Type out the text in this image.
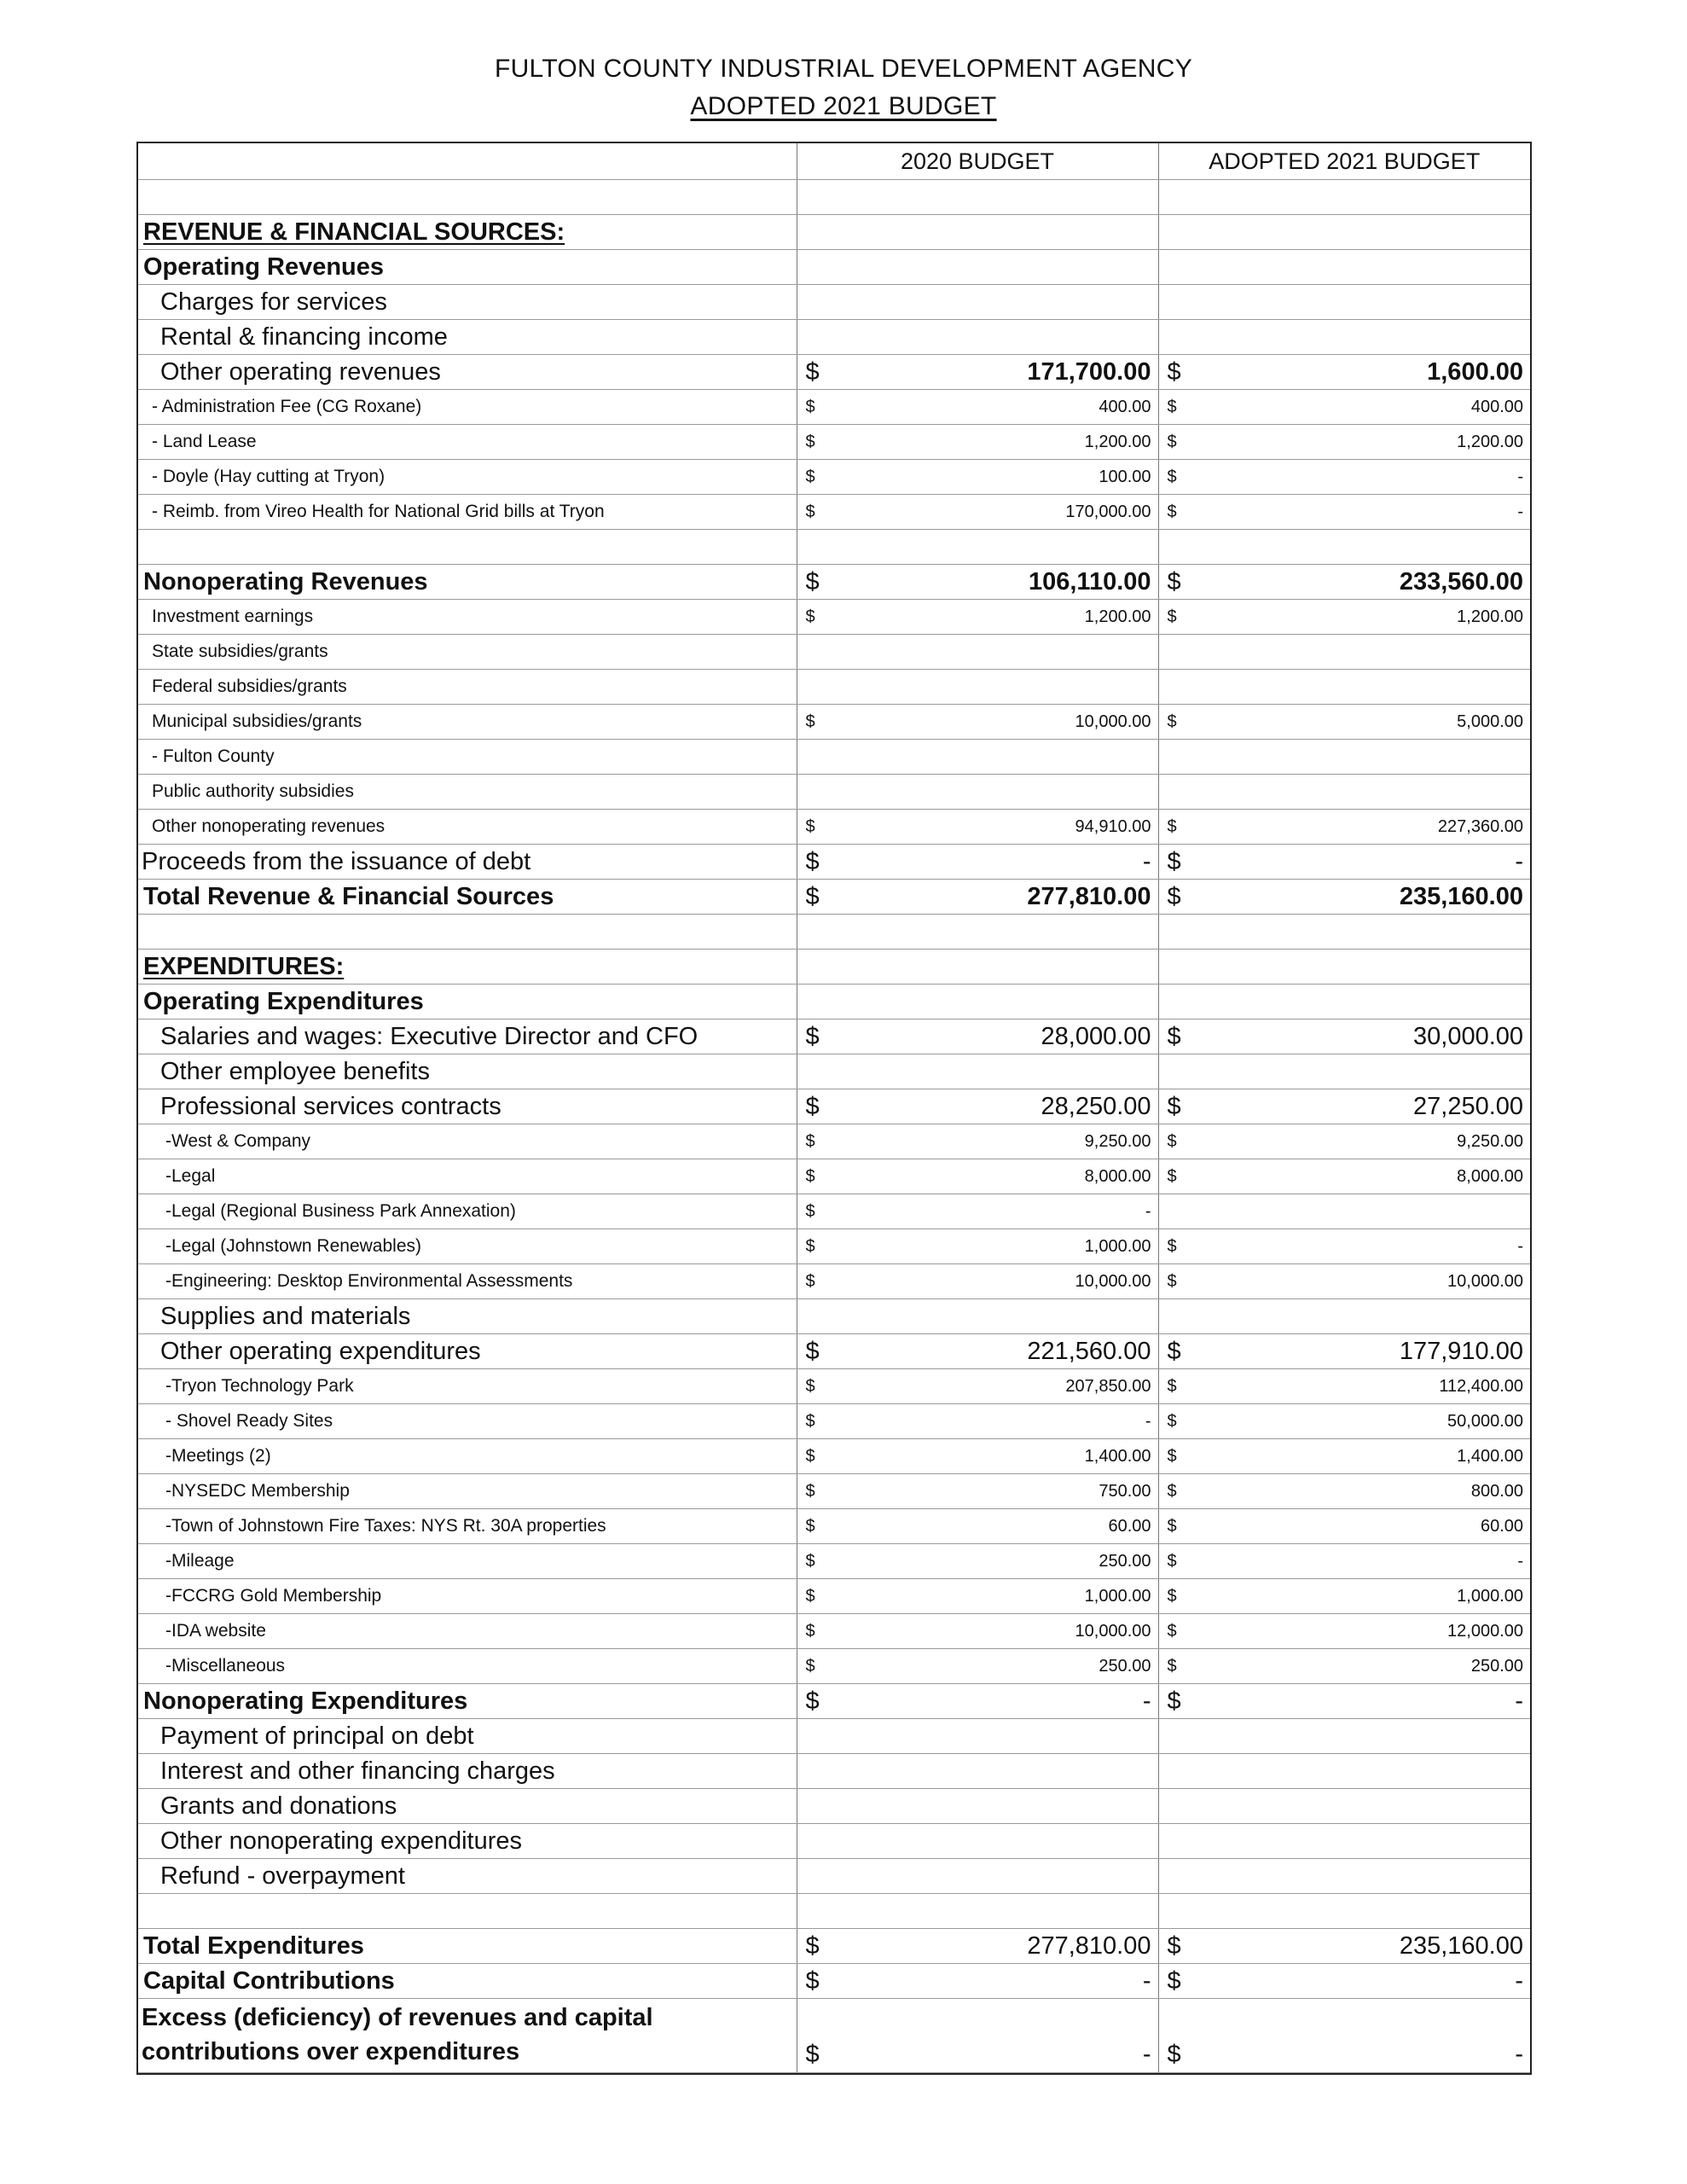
FULTON COUNTY INDUSTRIAL DEVELOPMENT AGENCY
ADOPTED 2021 BUDGET
	2020 BUDGET		ADOPTED 2021 BUDGET	

REVENUE & FINANCIAL SOURCES:				
Operating Revenues				
Charges for services				
Rental & financing income				
Other operating revenues	$	171,700.00	$	1,600.00
- Administration Fee (CG Roxane)	$	400.00	$	400.00
- Land Lease	$	1,200.00	$	1,200.00
- Doyle (Hay cutting at Tryon)	$	100.00	$	-
- Reimb. from Vireo Health for National Grid bills at Tryon	$	170,000.00	$	-

Nonoperating Revenues	$	106,110.00	$	233,560.00
Investment earnings	$	1,200.00	$	1,200.00
State subsidies/grants				
Federal subsidies/grants				
Municipal subsidies/grants	$	10,000.00	$	5,000.00
- Fulton County				
Public authority subsidies				
Other nonoperating revenues	$	94,910.00	$	227,360.00
Proceeds from the issuance of debt	$	-	$	-
Total Revenue & Financial Sources	$	277,810.00	$	235,160.00

EXPENDITURES:				
Operating Expenditures				
Salaries and wages: Executive Director and CFO	$	28,000.00	$	30,000.00
Other employee benefits				
Professional services contracts	$	28,250.00	$	27,250.00
-West & Company	$	9,250.00	$	9,250.00
-Legal	$	8,000.00	$	8,000.00
-Legal (Regional Business Park Annexation)	$	-		
-Legal (Johnstown Renewables)	$	1,000.00	$	-
-Engineering: Desktop Environmental Assessments	$	10,000.00	$	10,000.00
Supplies and materials				
Other operating expenditures	$	221,560.00	$	177,910.00
-Tryon Technology Park	$	207,850.00	$	112,400.00
- Shovel Ready Sites	$	-	$	50,000.00
-Meetings (2)	$	1,400.00	$	1,400.00
-NYSEDC Membership	$	750.00	$	800.00
-Town of Johnstown Fire Taxes: NYS Rt. 30A properties	$	60.00	$	60.00
-Mileage	$	250.00	$	-
-FCCRG Gold Membership	$	1,000.00	$	1,000.00
-IDA website	$	10,000.00	$	12,000.00
-Miscellaneous	$	250.00	$	250.00
Nonoperating Expenditures	$	-	$	-
Payment of principal on debt				
Interest and other financing charges				
Grants and donations				
Other nonoperating expenditures				
Refund - overpayment				

Total Expenditures	$	277,810.00	$	235,160.00
Capital Contributions	$	-	$	-
Excess (deficiency) of revenues and capital contributions over expenditures	$	-	$	-
